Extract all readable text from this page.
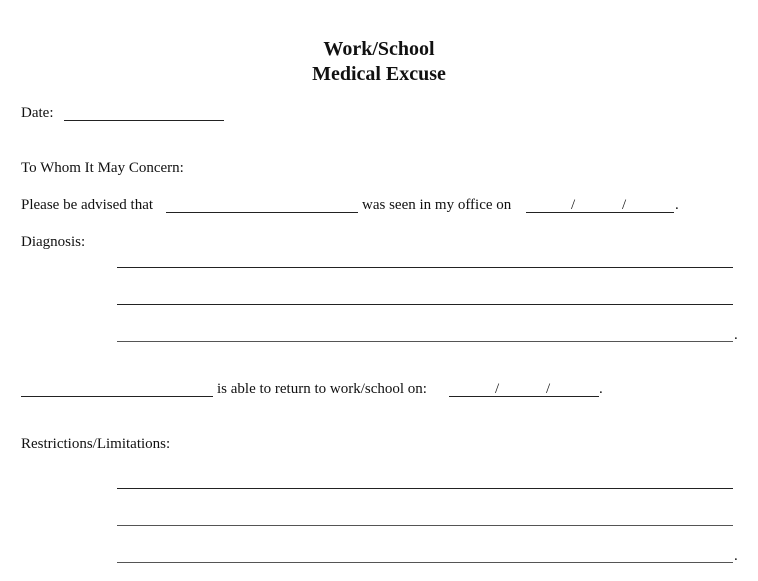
Work/School
Medical Excuse
Date:
To Whom It May Concern:
Please be advised that	was seen in my office on	/	/	.
Diagnosis:
.
is able to return to work/school on:	/	/	.
Restrictions/Limitations:
.
